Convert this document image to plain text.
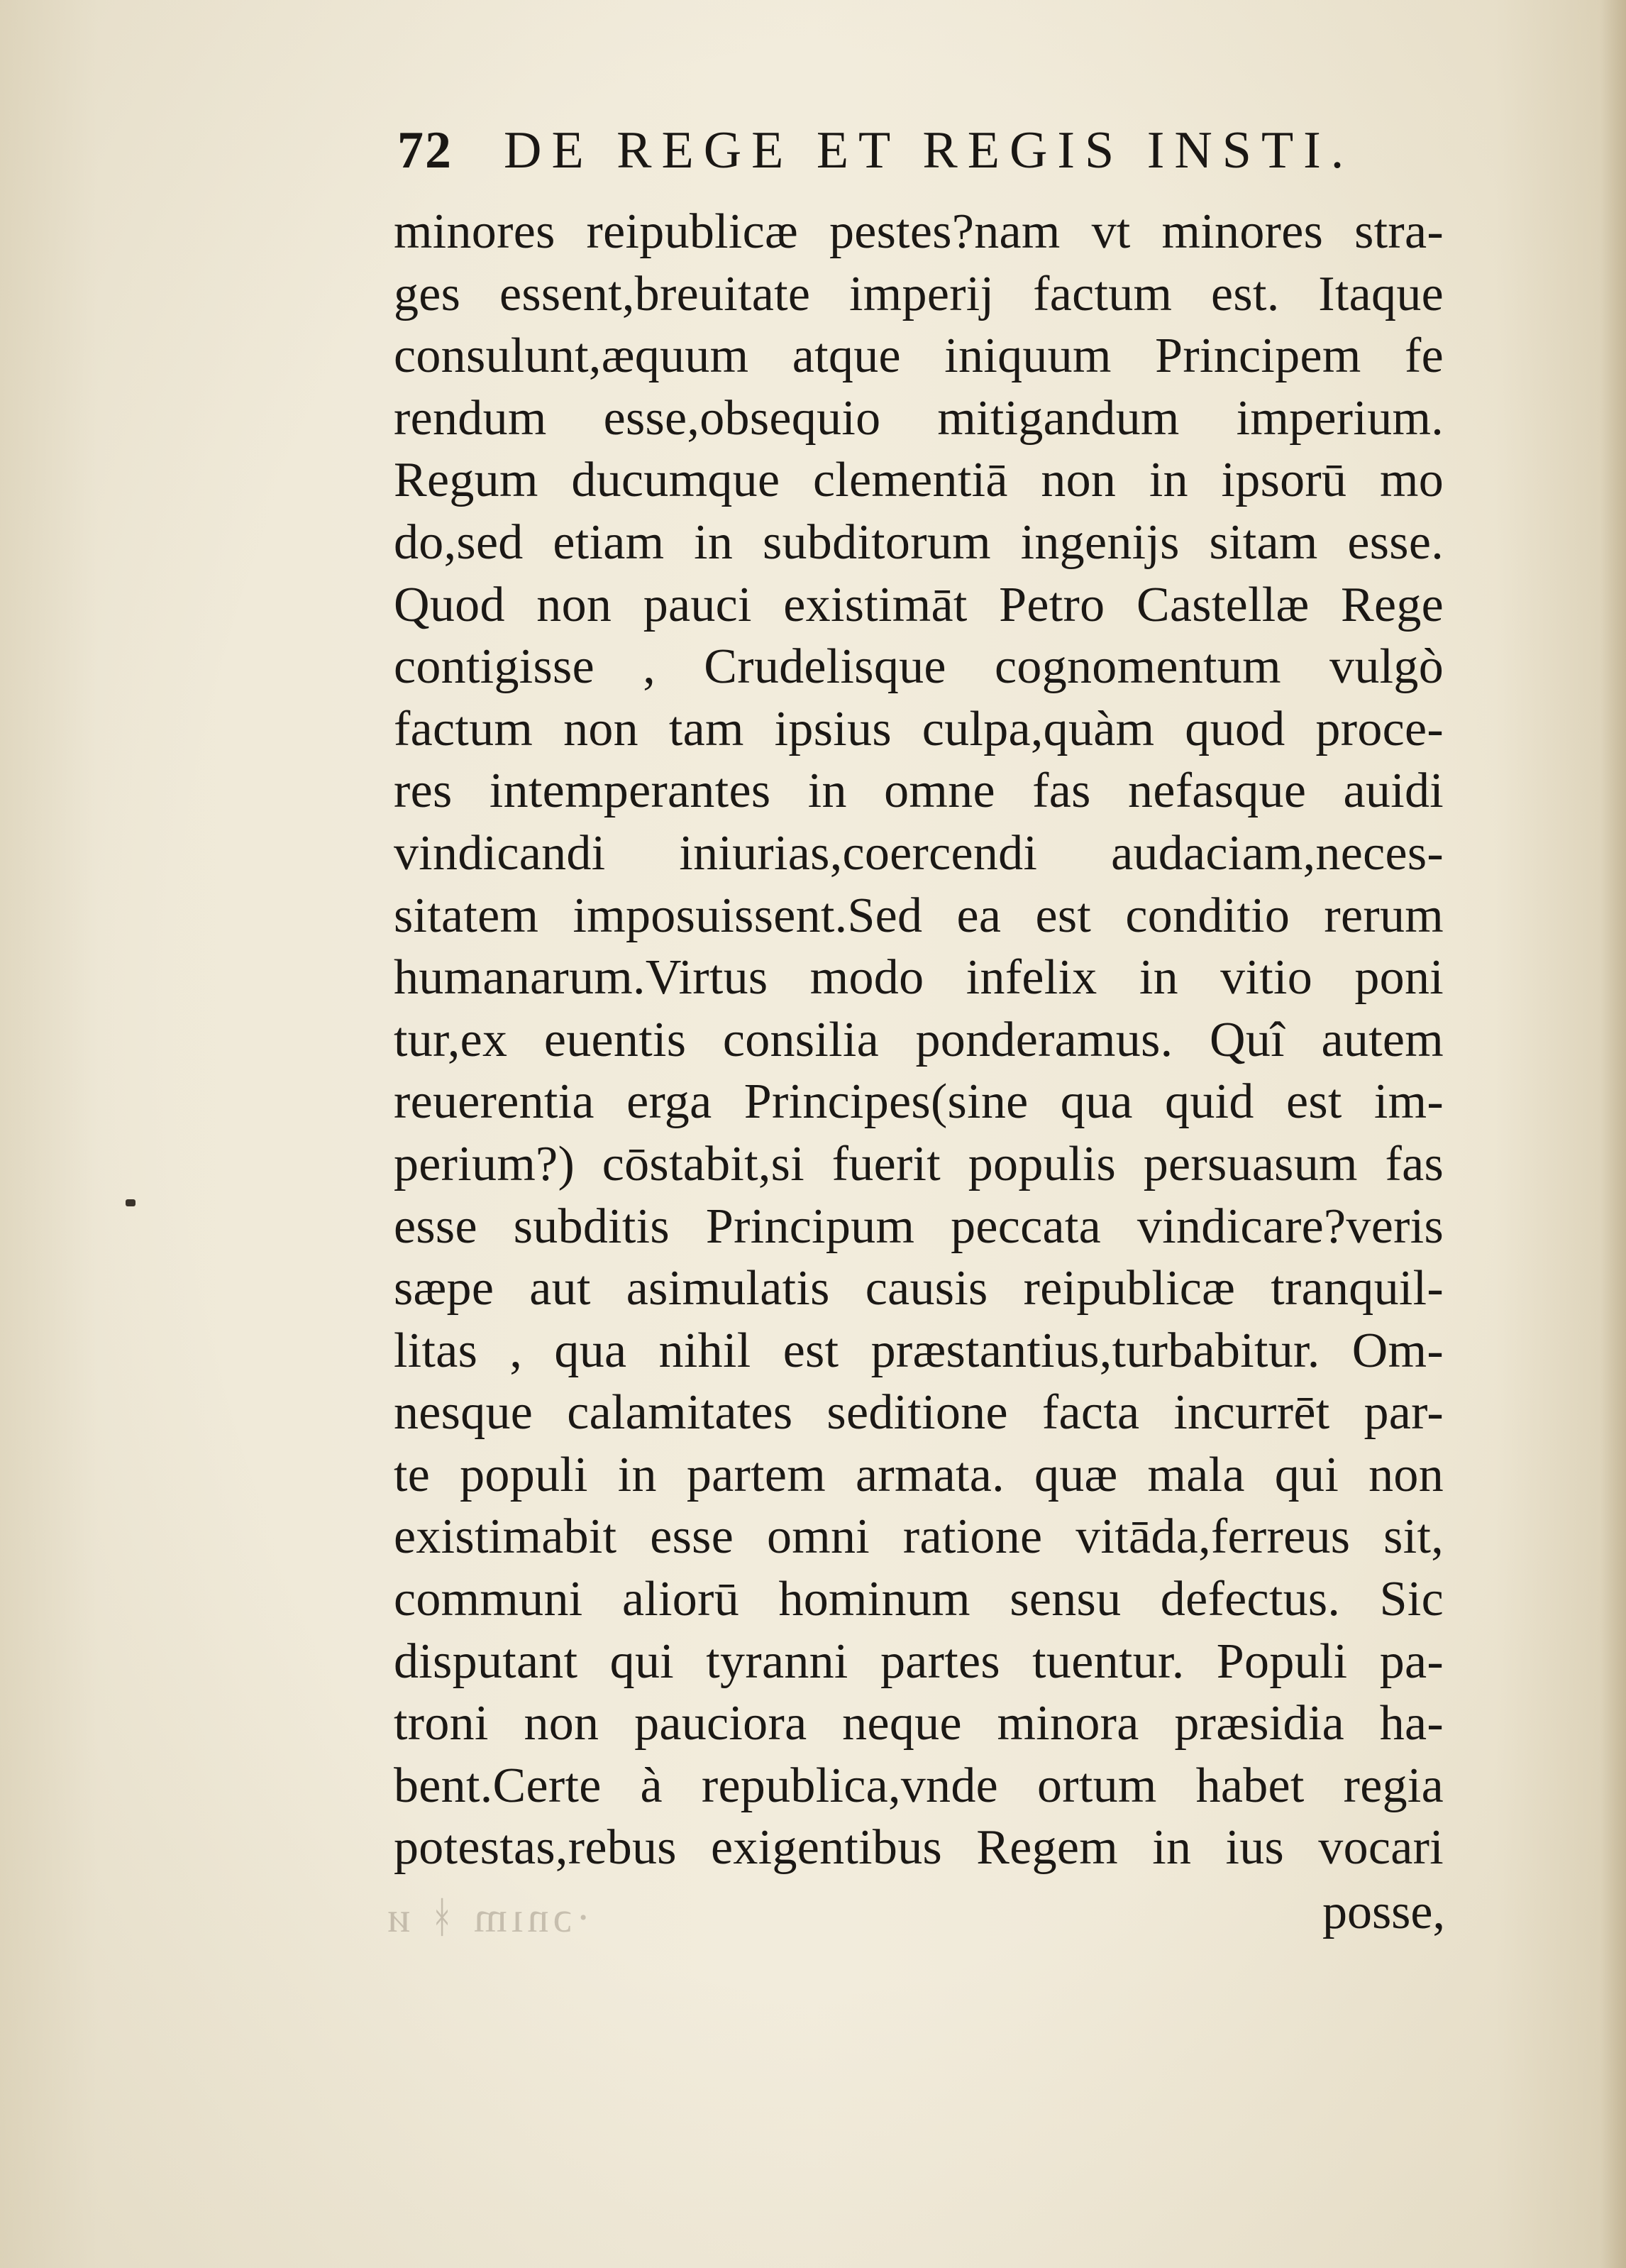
72 DE REGE ET REGIS INSTI.
minores reipublicæ pestes?nam vt minores stra-
ges essent,breuitate imperij factum est. Itaque
consulunt,æquum atque iniquum Principem fe
rendum esse,obsequio mitigandum imperium.
Regum ducumque clementiā non in ipsorū mo
do,sed etiam in subditorum ingenijs sitam esse.
Quod non pauci existimāt Petro Castellæ Rege
contigisse , Crudelisque cognomentum vulgò
factum non tam ipsius culpa,quàm quod proce-
res intemperantes in omne fas nefasque auidi
vindicandi iniurias,coercendi audaciam,neces-
sitatem imposuissent.Sed ea est conditio rerum
humanarum.Virtus modo infelix in vitio poni
tur,ex euentis consilia ponderamus. Quî autem
reuerentia erga Principes(sine qua quid est im-
perium?) cōstabit,si fuerit populis persuasum fas
esse subditis Principum peccata vindicare?veris
sæpe aut asimulatis causis reipublicæ tranquil-
litas , qua nihil est præstantius,turbabitur. Om-
nesque calamitates seditione facta incurrēt par-
te populi in partem armata. quæ mala qui non
existimabit esse omni ratione vitāda,ferreus sit,
communi aliorū hominum sensu defectus. Sic
disputant qui tyranni partes tuentur. Populi pa-
troni non pauciora neque minora præsidia ha-
bent.Certe à republica,vnde ortum habet regia
potestas,rebus exigentibus Regem in ius vocari
·ɔnım ᚼ ᴎ	posse,
